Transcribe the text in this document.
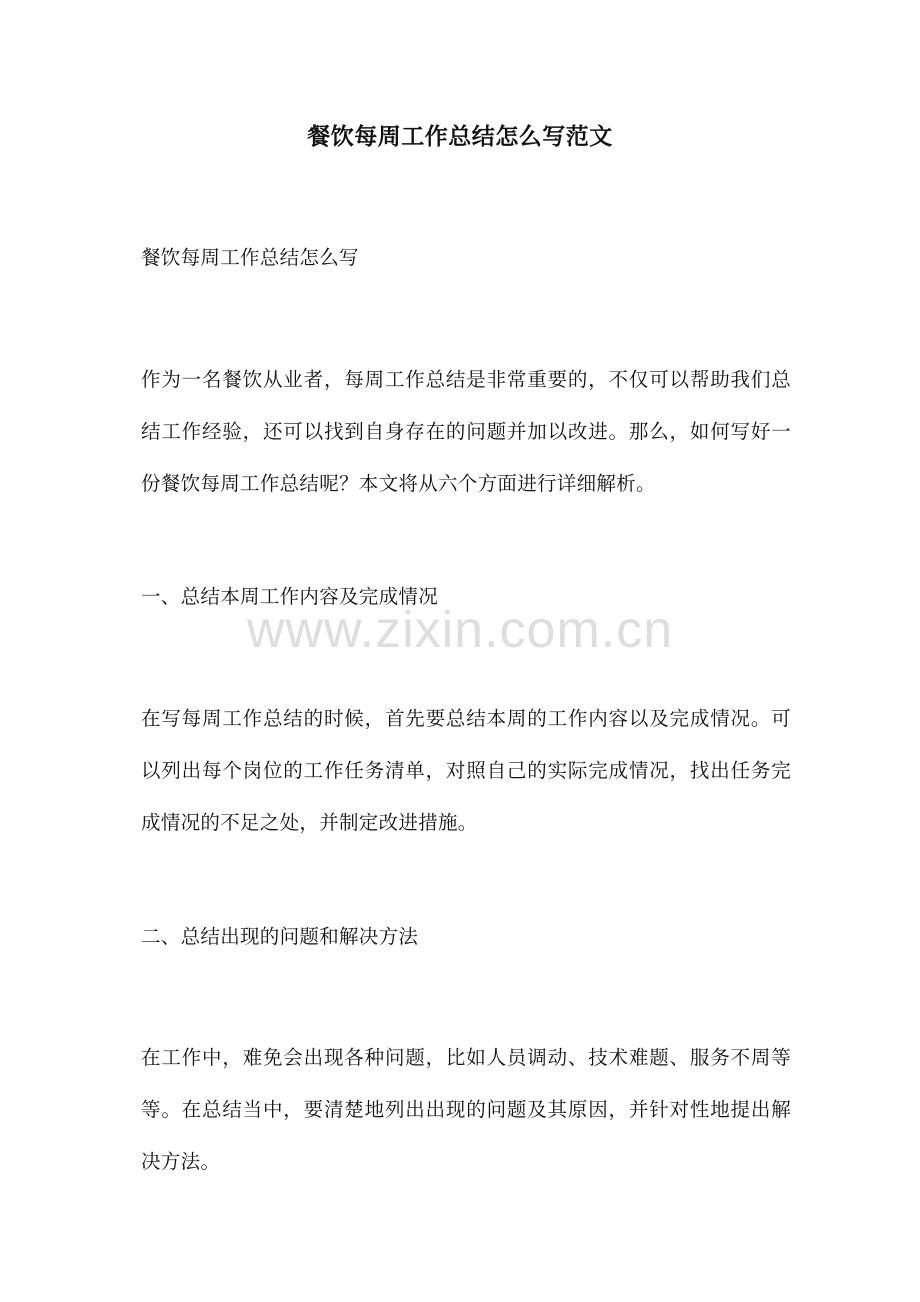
餐饮每周工作总结怎么写范文

餐饮每周工作总结怎么写

作为一名餐饮从业者，每周工作总结是非常重要的，不仅可以帮助我们总结工作经验，还可以找到自身存在的问题并加以改进。那么，如何写好一份餐饮每周工作总结呢？本文将从六个方面进行详细解析。

一、总结本周工作内容及完成情况

www.zixin.com.cn

在写每周工作总结的时候，首先要总结本周的工作内容以及完成情况。可以列出每个岗位的工作任务清单，对照自己的实际完成情况，找出任务完成情况的不足之处，并制定改进措施。

二、总结出现的问题和解决方法

在工作中，难免会出现各种问题，比如人员调动、技术难题、服务不周等等。在总结当中，要清楚地列出出现的问题及其原因，并针对性地提出解决方法。
